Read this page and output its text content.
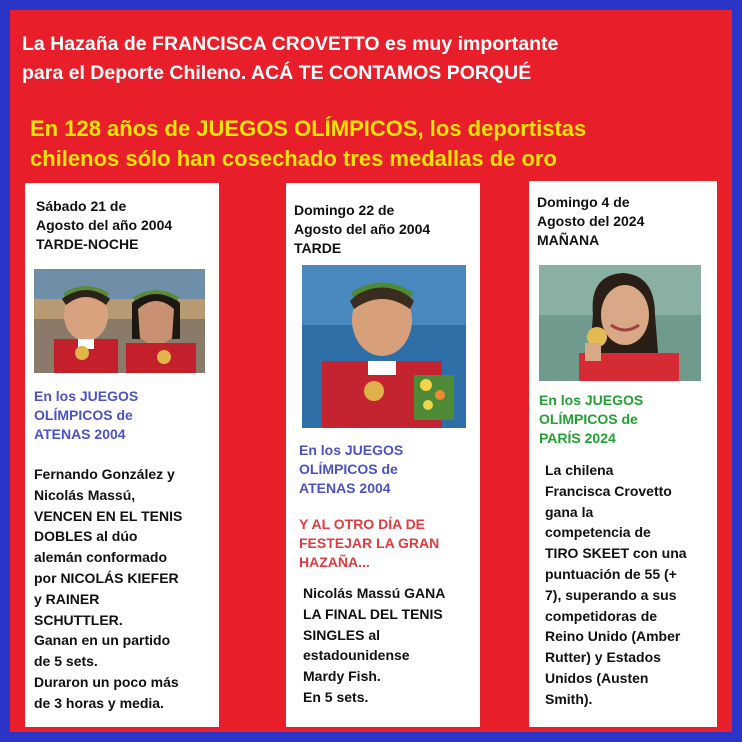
La Hazaña de FRANCISCA CROVETTO es muy importante
para el Deporte Chileno. ACÁ TE CONTAMOS PORQUÉ

En 128 años de JUEGOS OLÍMPICOS, los deportistas
chilenos sólo han cosechado tres medallas de oro

Sábado 21 de
Agosto del año 2004
TARDE-NOCHE

En los JUEGOS
OLÍMPICOS de
ATENAS 2004

Fernando González y
Nicolás Massú,
VENCEN EN EL TENIS
DOBLES al dúo
alemán conformado
por NICOLÁS KIEFER
y RAINER
SCHUTTLER.
Ganan en un partido
de 5 sets.
Duraron un poco más
de 3 horas y media.

Domingo 22 de
Agosto del año 2004
TARDE

En los JUEGOS
OLÍMPICOS de
ATENAS 2004

Y AL OTRO DÍA DE
FESTEJAR LA GRAN
HAZAÑA...

Nicolás Massú GANA
LA FINAL DEL TENIS
SINGLES al
estadounidense
Mardy Fish.
En 5 sets.

Domingo 4 de
Agosto del 2024
MAÑANA

En los JUEGOS
OLÍMPICOS de
PARÍS 2024

La chilena
Francisca Crovetto
gana la
competencia de
TIRO SKEET con una
puntuación de 55 (+
7), superando a sus
competidoras de
Reino Unido (Amber
Rutter) y Estados
Unidos (Austen
Smith).
